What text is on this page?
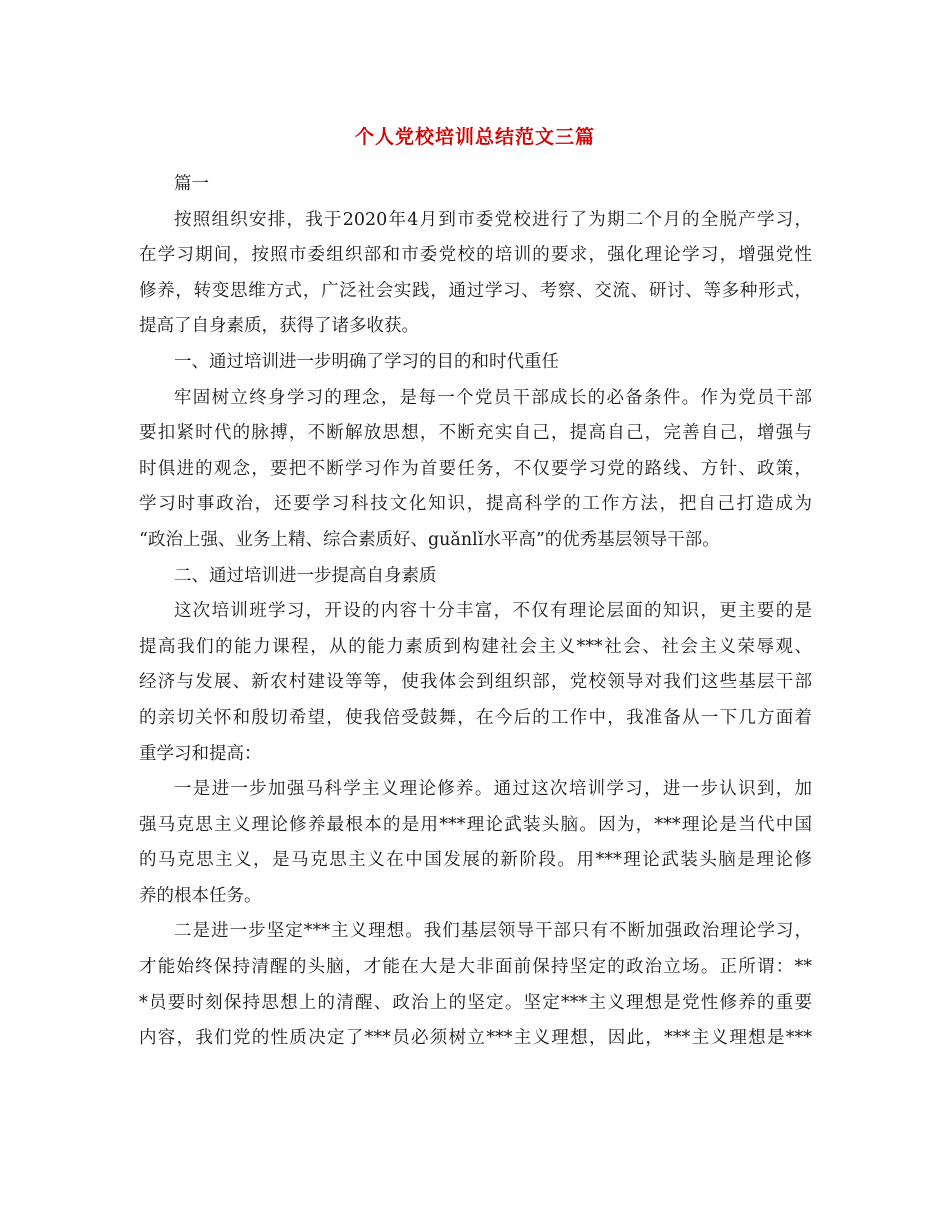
个人党校培训总结范文三篇
篇一
按照组织安排，我于2020年4月到市委党校进行了为期二个月的全脱产学习，
在学习期间，按照市委组织部和市委党校的培训的要求，强化理论学习，增强党性
修养，转变思维方式，广泛社会实践，通过学习、考察、交流、研讨、等多种形式，
提高了自身素质，获得了诸多收获。
一、通过培训进一步明确了学习的目的和时代重任
牢固树立终身学习的理念，是每一个党员干部成长的必备条件。作为党员干部
要扣紧时代的脉搏，不断解放思想，不断充实自己，提高自己，完善自己，增强与
时俱进的观念，要把不断学习作为首要任务，不仅要学习党的路线、方针、政策，
学习时事政治，还要学习科技文化知识，提高科学的工作方法，把自己打造成为
“政治上强、业务上精、综合素质好、guǎnlǐ水平高”的优秀基层领导干部。
二、通过培训进一步提高自身素质
这次培训班学习，开设的内容十分丰富，不仅有理论层面的知识，更主要的是
提高我们的能力课程，从的能力素质到构建社会主义***社会、社会主义荣辱观、
经济与发展、新农村建设等等，使我体会到组织部，党校领导对我们这些基层干部
的亲切关怀和殷切希望，使我倍受鼓舞，在今后的工作中，我准备从一下几方面着
重学习和提高：
一是进一步加强马科学主义理论修养。通过这次培训学习，进一步认识到，加
强马克思主义理论修养最根本的是用***理论武装头脑。因为，***理论是当代中国
的马克思主义，是马克思主义在中国发展的新阶段。用***理论武装头脑是理论修
养的根本任务。
二是进一步坚定***主义理想。我们基层领导干部只有不断加强政治理论学习，
才能始终保持清醒的头脑，才能在大是大非面前保持坚定的政治立场。正所谓：**
*员要时刻保持思想上的清醒、政治上的坚定。坚定***主义理想是党性修养的重要
内容，我们党的性质决定了***员必须树立***主义理想，因此，***主义理想是***
